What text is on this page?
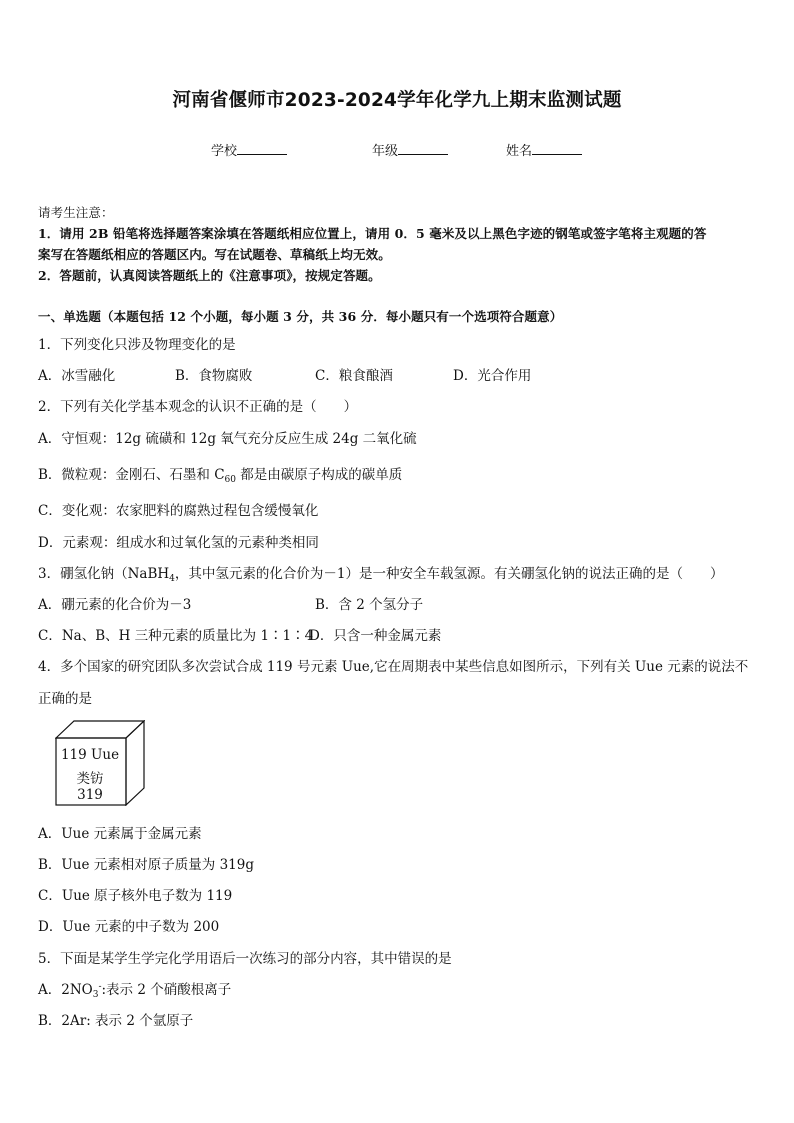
河南省偃师市2023-2024学年化学九上期末监测试题
学校	年级	姓名
请考生注意：
1．请用 2B 铅笔将选择题答案涂填在答题纸相应位置上，请用 0．5 毫米及以上黑色字迹的钢笔或签字笔将主观题的答
案写在答题纸相应的答题区内。写在试题卷、草稿纸上均无效。
2．答题前，认真阅读答题纸上的《注意事项》，按规定答题。
一、单选题（本题包括 12 个小题，每小题 3 分，共 36 分．每小题只有一个选项符合题意）
1．下列变化只涉及物理变化的是
A．冰雪融化	B．食物腐败	C．粮食酿酒	D．光合作用
2．下列有关化学基本观念的认识不正确的是（　　）
A．守恒观：12g 硫磺和 12g 氧气充分反应生成 24g 二氧化硫
B．微粒观：金刚石、石墨和 $C_{60}$ 都是由碳原子构成的碳单质
C．变化观：农家肥料的腐熟过程包含缓慢氧化
D．元素观：组成水和过氧化氢的元素种类相同
3．硼氢化钠（NaBH$_4$，其中氢元素的化合价为－1）是一种安全车载氢源。有关硼氢化钠的说法正确的是（　　）
A．硼元素的化合价为－3	B．含 2 个氢分子
C．Na、B、H 三种元素的质量比为 1∶1∶4
D．只含一种金属元素
4．多个国家的研究团队多次尝试合成 119 号元素 Uue,它在周期表中某些信息如图所示，下列有关 Uue 元素的说法不
正确的是
119 Uue
类钫
319
A．Uue 元素属于金属元素
B．Uue 元素相对原子质量为 319g
C．Uue 原子核外电子数为 119
D．Uue 元素的中子数为 200
5．下面是某学生学完化学用语后一次练习的部分内容，其中错误的是
A．$2NO_3^-$:表示 2 个硝酸根离子
B．2Ar: 表示 2 个氩原子
